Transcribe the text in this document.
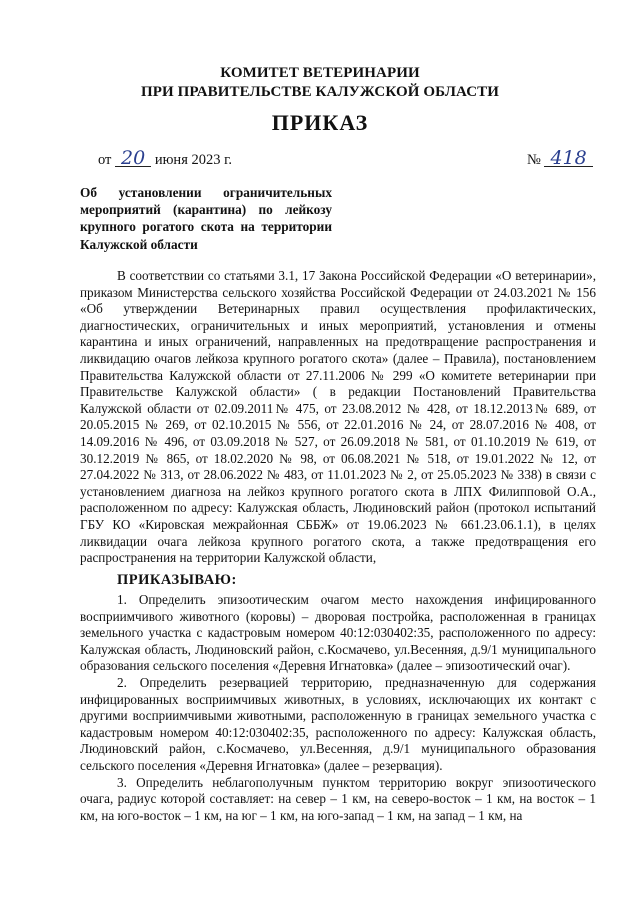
КОМИТЕТ ВЕТЕРИНАРИИ
ПРИ ПРАВИТЕЛЬСТВЕ КАЛУЖСКОЙ ОБЛАСТИ
ПРИКАЗ
от 20 июня 2023 г.	№ 418
Об установлении ограничительных мероприятий (карантина) по лейкозу крупного рогатого скота на территории Калужской области

В соответствии со статьями 3.1, 17 Закона Российской Федерации «О ветеринарии», приказом Министерства сельского хозяйства Российской Федерации от 24.03.2021 № 156 «Об утверждении Ветеринарных правил осуществления профилактических, диагностических, ограничительных и иных мероприятий, установления и отмены карантина и иных ограничений, направленных на предотвращение распространения и ликвидацию очагов лейкоза крупного рогатого скота» (далее – Правила), постановлением Правительства Калужской области от 27.11.2006 № 299 «О комитете ветеринарии при Правительстве Калужской области» ( в редакции Постановлений Правительства Калужской области от 02.09.2011№ 475, от 23.08.2012 № 428, от 18.12.2013№ 689, от 20.05.2015 № 269, от 02.10.2015 № 556, от 22.01.2016 № 24, от 28.07.2016 № 408, от 14.09.2016 № 496, от 03.09.2018 № 527, от 26.09.2018 № 581, от 01.10.2019 № 619, от 30.12.2019 № 865, от 18.02.2020 № 98, от 06.08.2021 № 518, от 19.01.2022 № 12, от 27.04.2022 № 313, от 28.06.2022 № 483, от 11.01.2023 № 2, от 25.05.2023 № 338) в связи с установлением диагноза на лейкоз крупного рогатого скота в ЛПХ Филипповой О.А., расположенном по адресу: Калужская область, Людиновский район (протокол испытаний ГБУ КО «Кировская межрайонная СББЖ» от 19.06.2023 № 661.23.06.1.1), в целях ликвидации очага лейкоза крупного рогатого скота, а также предотвращения его распространения на территории Калужской области,

ПРИКАЗЫВАЮ:

1. Определить эпизоотическим очагом место нахождения инфицированного восприимчивого животного (коровы) – дворовая постройка, расположенная в границах земельного участка с кадастровым номером 40:12:030402:35, расположенного по адресу: Калужская область, Людиновский район, с.Космачево, ул.Весенняя, д.9/1 муниципального образования сельского поселения «Деревня Игнатовка» (далее – эпизоотический очаг).

2. Определить резервацией территорию, предназначенную для содержания инфицированных восприимчивых животных, в условиях, исключающих их контакт с другими восприимчивыми животными, расположенную в границах земельного участка с кадастровым номером 40:12:030402:35, расположенного по адресу: Калужская область, Людиновский район, с.Космачево, ул.Весенняя, д.9/1 муниципального образования сельского поселения «Деревня Игнатовка» (далее – резервация).

3. Определить неблагополучным пунктом территорию вокруг эпизоотического очага, радиус которой составляет: на север – 1 км, на северо-восток – 1 км, на восток – 1 км, на юго-восток – 1 км, на юг – 1 км, на юго-запад – 1 км, на запад – 1 км, на
